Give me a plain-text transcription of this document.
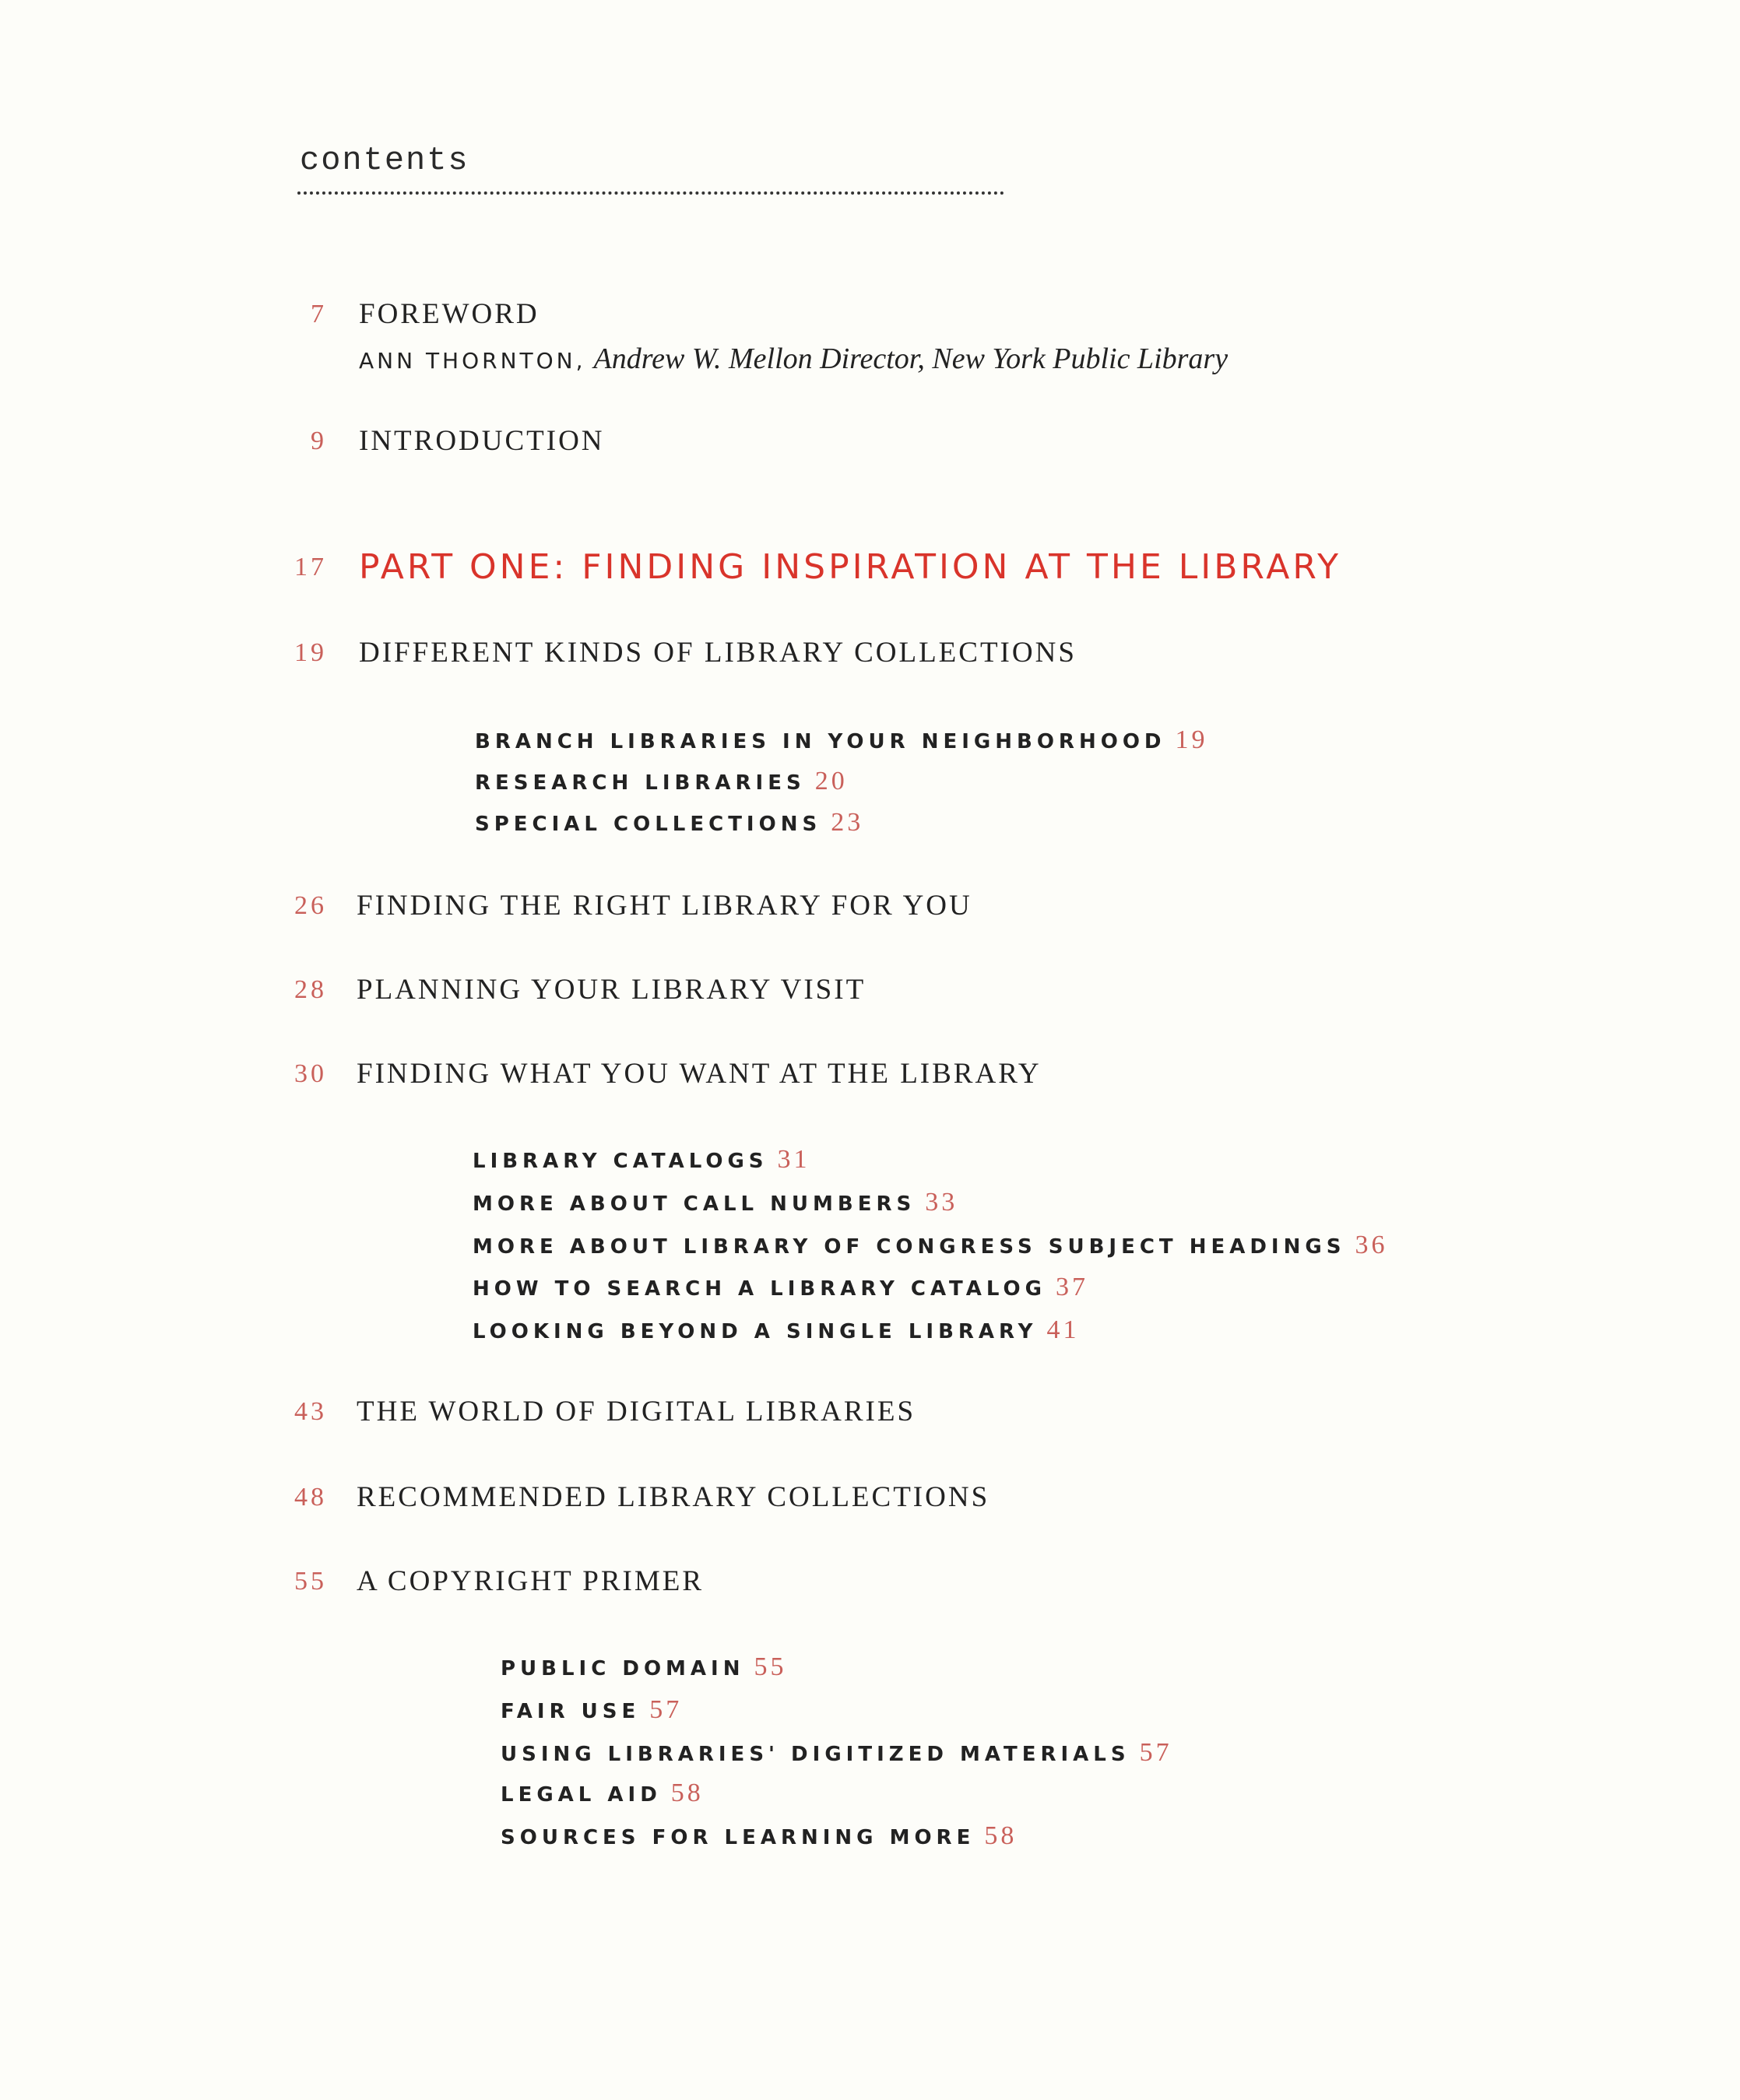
contents
ANN THORNTON, Andrew W. Mellon Director, New York Public Library
7 FOREWORD
9 INTRODUCTION
17 PART ONE: FINDING INSPIRATION AT THE LIBRARY
19 DIFFERENT KINDS OF LIBRARY COLLECTIONS
26 FINDING THE RIGHT LIBRARY FOR YOU
28 PLANNING YOUR LIBRARY VISIT
30 FINDING WHAT YOU WANT AT THE LIBRARY
43 THE WORLD OF DIGITAL LIBRARIES
48 RECOMMENDED LIBRARY COLLECTIONS
55 A COPYRIGHT PRIMER
BRANCH LIBRARIES IN YOUR NEIGHBORHOOD 19
RESEARCH LIBRARIES 20
SPECIAL COLLECTIONS 23
LIBRARY CATALOGS 31
MORE ABOUT CALL NUMBERS 33
MORE ABOUT LIBRARY OF CONGRESS SUBJECT HEADINGS 36
HOW TO SEARCH A LIBRARY CATALOG 37
LOOKING BEYOND A SINGLE LIBRARY 41
PUBLIC DOMAIN 55
FAIR USE 57
USING LIBRARIES' DIGITIZED MATERIALS 57
LEGAL AID 58
SOURCES FOR LEARNING MORE 58
